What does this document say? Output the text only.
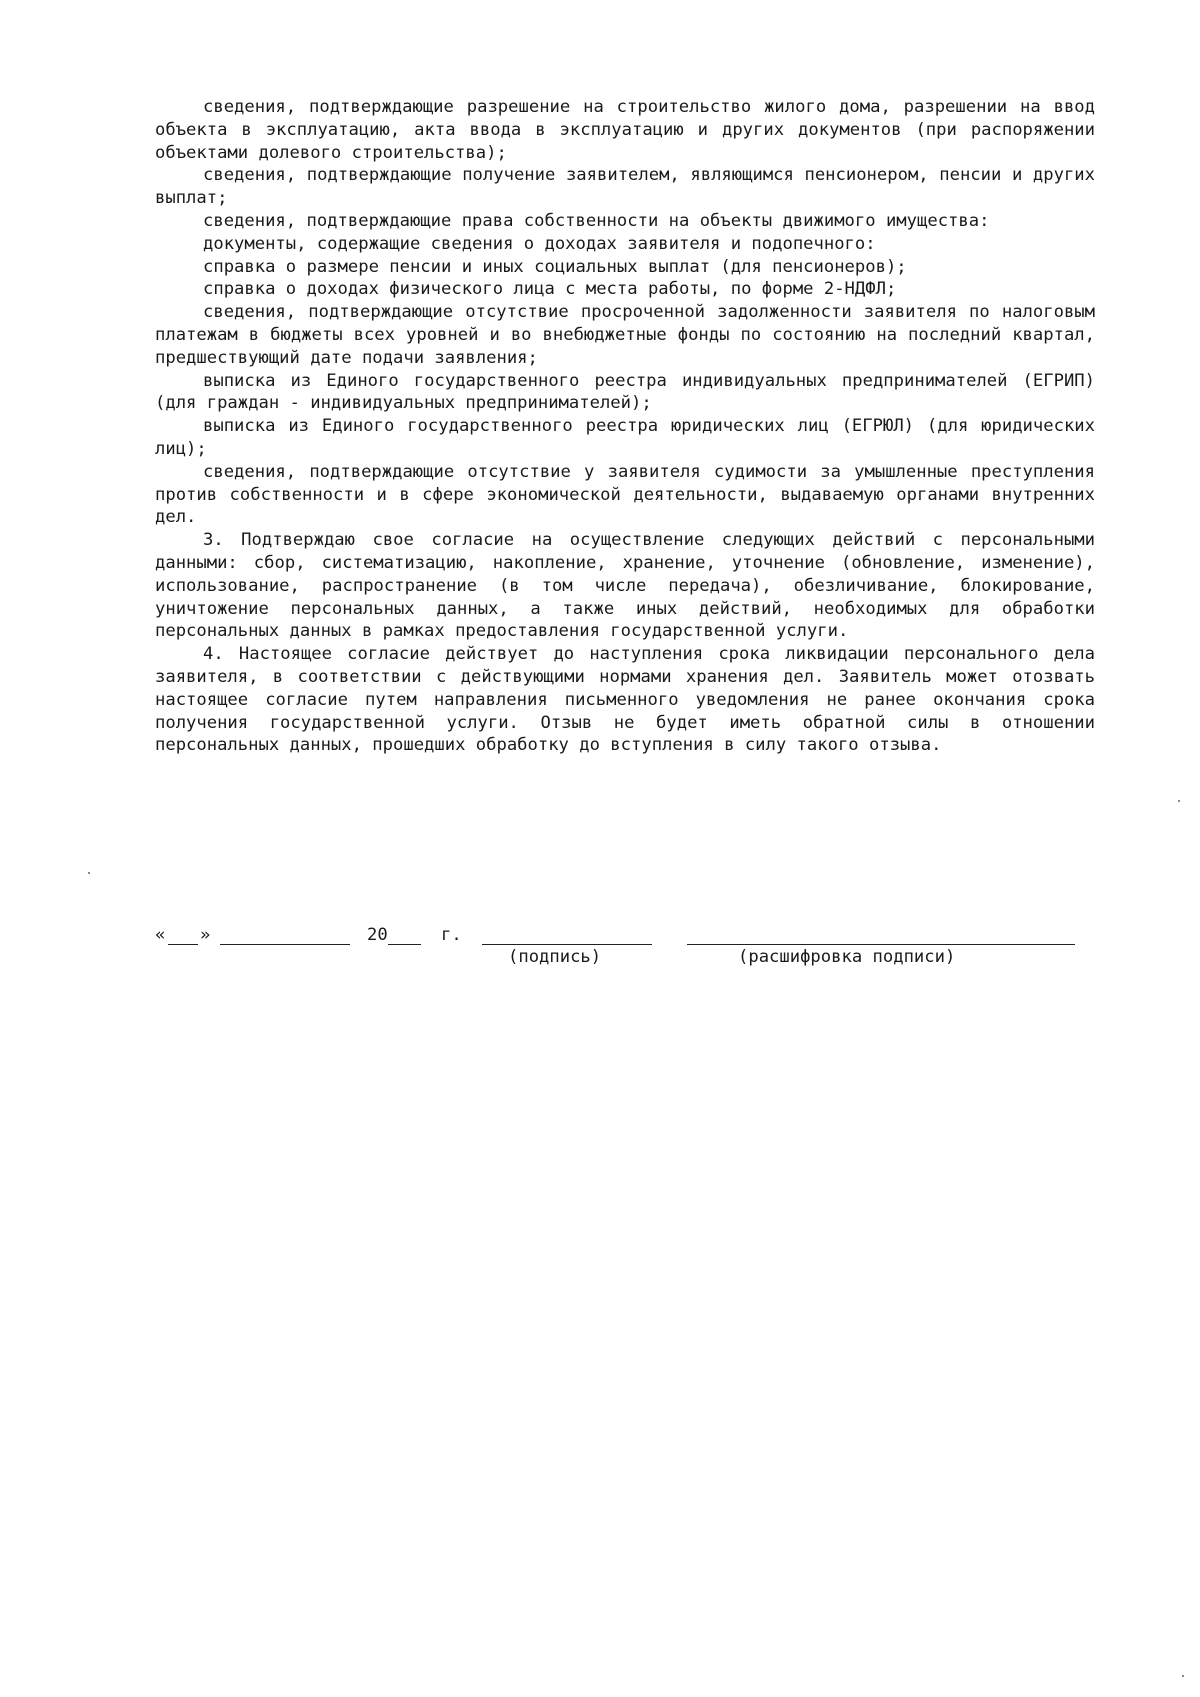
сведения, подтверждающие разрешение на строительство жилого дома, разрешении на ввод объекта в эксплуатацию, акта ввода в эксплуатацию и других документов (при распоряжении объектами долевого строительства);

сведения, подтверждающие получение заявителем, являющимся пенсионером, пенсии и других выплат;

сведения, подтверждающие права собственности на объекты движимого имущества:

документы, содержащие сведения о доходах заявителя и подопечного:

справка о размере пенсии и иных социальных выплат (для пенсионеров);

справка о доходах физического лица с места работы, по форме 2-НДФЛ;

сведения, подтверждающие отсутствие просроченной задолженности заявителя по налоговым платежам в бюджеты всех уровней и во внебюджетные фонды по состоянию на последний квартал, предшествующий дате подачи заявления;

выписка из Единого государственного реестра индивидуальных предпринимателей (ЕГРИП) (для граждан - индивидуальных предпринимателей);

выписка из Единого государственного реестра юридических лиц (ЕГРЮЛ) (для юридических лиц);

сведения, подтверждающие отсутствие у заявителя судимости за умышленные преступления против собственности и в сфере экономической деятельности, выдаваемую органами внутренних дел.

3. Подтверждаю свое согласие на осуществление следующих действий с персональными данными: сбор, систематизацию, накопление, хранение, уточнение (обновление, изменение), использование, распространение (в том числе передача), обезличивание, блокирование, уничтожение персональных данных, а также иных действий, необходимых для обработки персональных данных в рамках предоставления государственной услуги.

4. Настоящее согласие действует до наступления срока ликвидации персонального дела заявителя, в соответствии с действующими нормами хранения дел. Заявитель может отозвать настоящее согласие путем направления письменного уведомления не ранее окончания срока получения государственной услуги. Отзыв не будет иметь обратной силы в отношении персональных данных, прошедших обработку до вступления в силу такого отзыва.

« »	20	г.
(подпись)	(расшифровка подписи)
